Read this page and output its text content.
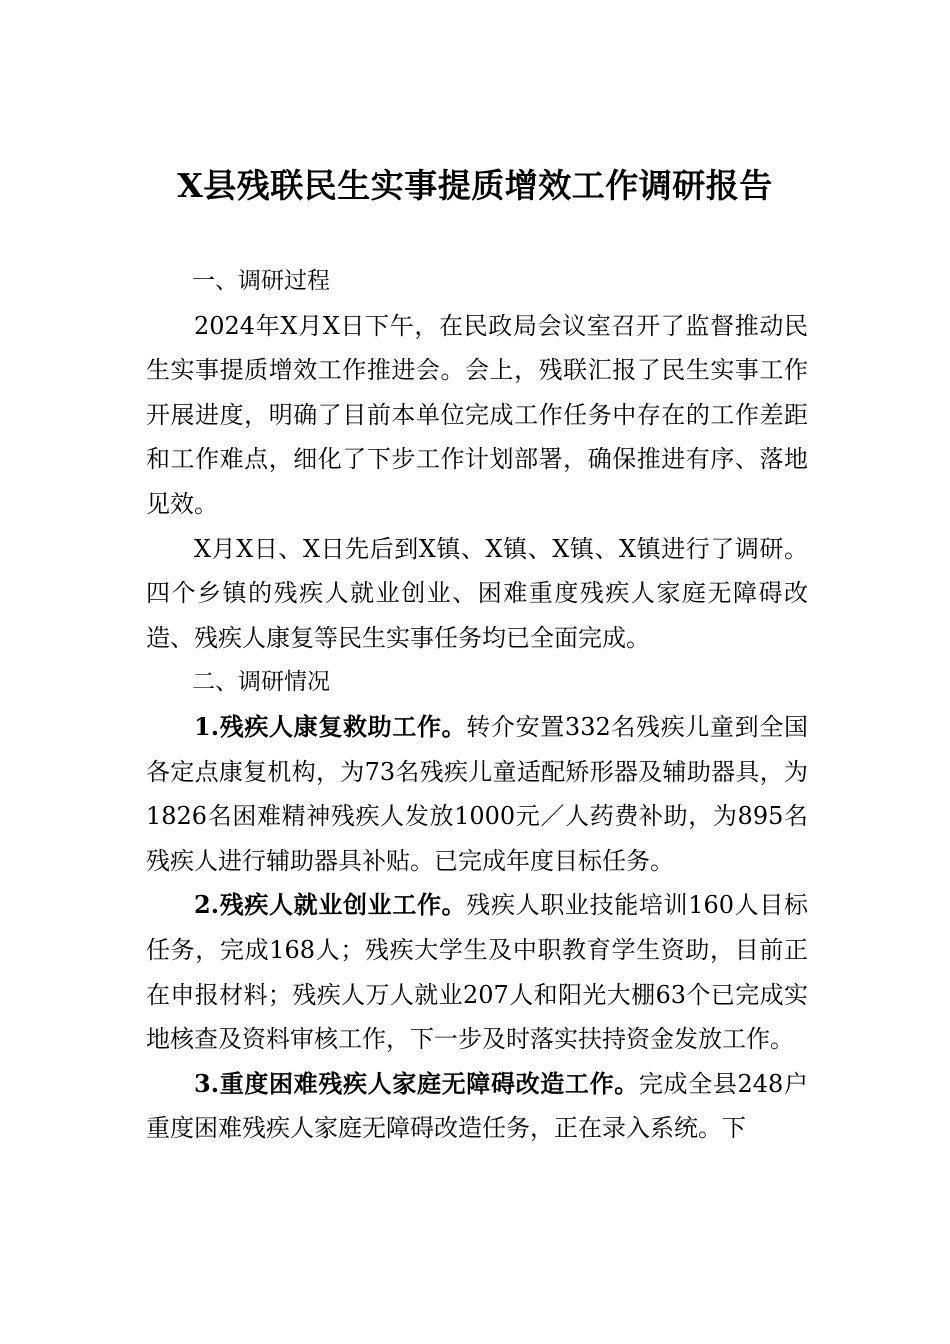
X县残联民生实事提质增效工作调研报告

一、调研过程

2024年X月X日下午，在民政局会议室召开了监督推动民生实事提质增效工作推进会。会上，残联汇报了民生实事工作开展进度，明确了目前本单位完成工作任务中存在的工作差距和工作难点，细化了下步工作计划部署，确保推进有序、落地见效。

X月X日、X日先后到X镇、X镇、X镇、X镇进行了调研。四个乡镇的残疾人就业创业、困难重度残疾人家庭无障碍改造、残疾人康复等民生实事任务均已全面完成。

二、调研情况

1.残疾人康复救助工作。转介安置332名残疾儿童到全国各定点康复机构，为73名残疾儿童适配矫形器及辅助器具，为1826名困难精神残疾人发放1000元／人药费补助，为895名残疾人进行辅助器具补贴。已完成年度目标任务。

2.残疾人就业创业工作。残疾人职业技能培训160人目标任务，完成168人；残疾大学生及中职教育学生资助，目前正在申报材料；残疾人万人就业207人和阳光大棚63个已完成实地核查及资料审核工作，下一步及时落实扶持资金发放工作。

3.重度困难残疾人家庭无障碍改造工作。完成全县248户重度困难残疾人家庭无障碍改造任务，正在录入系统。下
